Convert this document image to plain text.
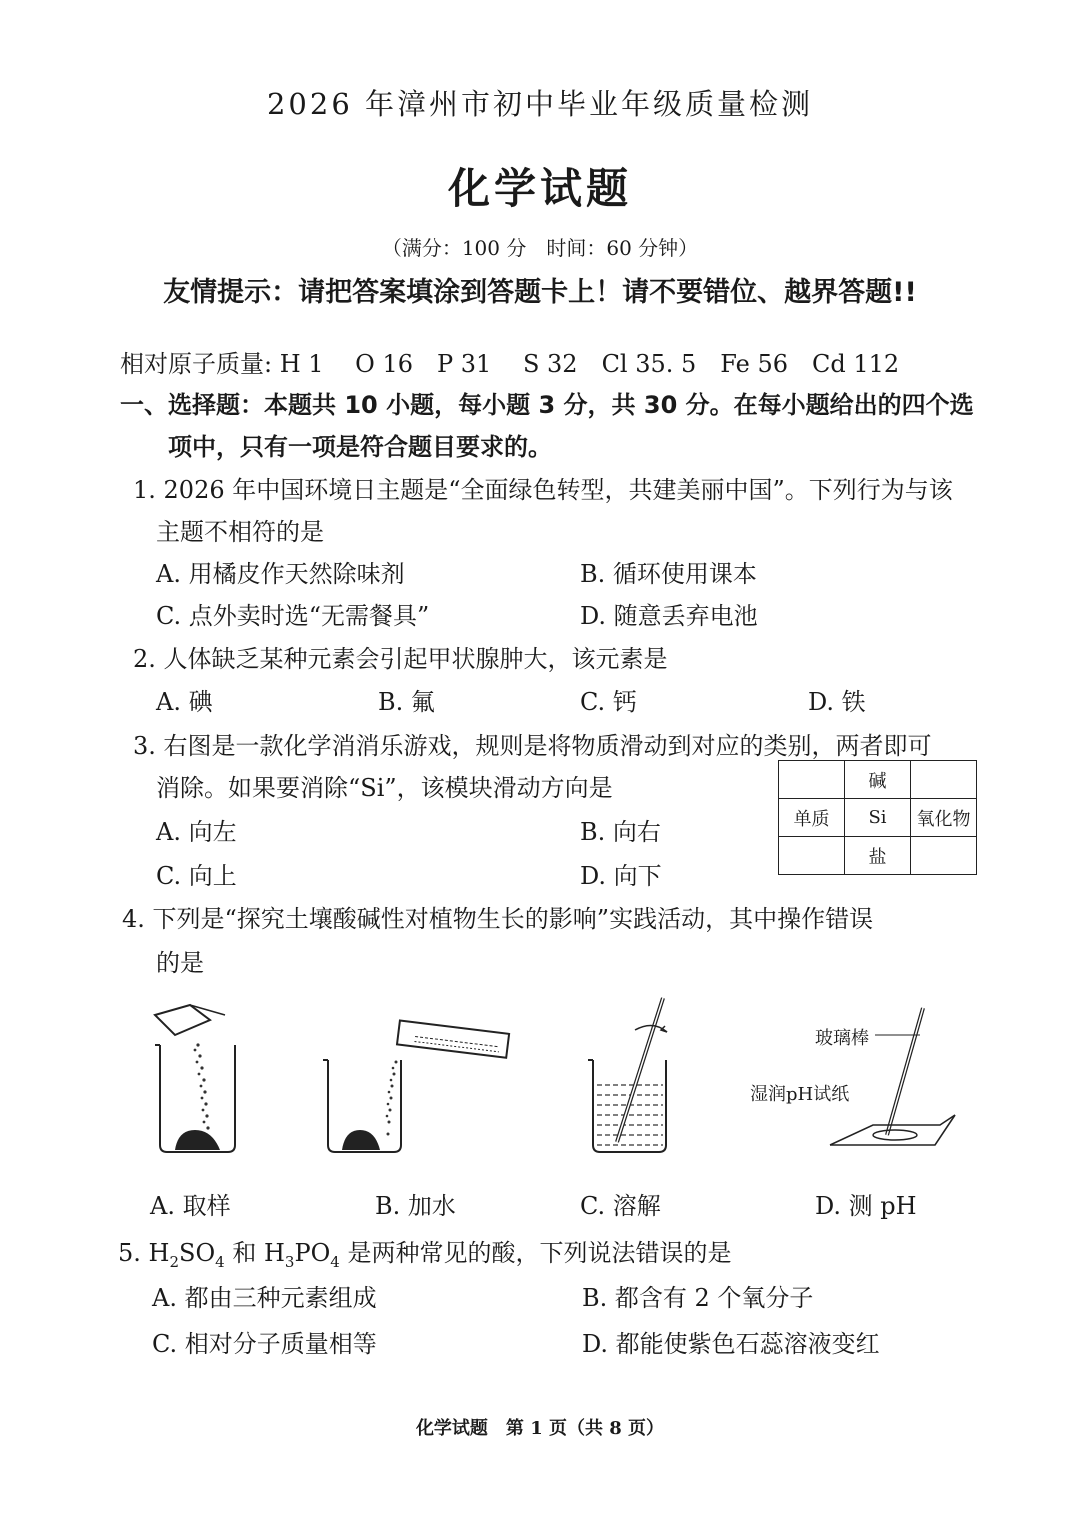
2026 年漳州市初中毕业年级质量检测
化学试题
（满分：100 分　时间：60 分钟）
友情提示：请把答案填涂到答题卡上！请不要错位、越界答题!!
相对原子质量: H 1　 O 16　P 31　 S 32　Cl 35. 5　Fe 56　Cd 112
一、选择题：本题共 10 小题，每小题 3 分，共 30 分。在每小题给出的四个选
项中，只有一项是符合题目要求的。
1. 2026 年中国环境日主题是“全面绿色转型，共建美丽中国”。下列行为与该
主题不相符的是
A. 用橘皮作天然除味剂	B. 循环使用课本
C. 点外卖时选“无需餐具”	D. 随意丢弃电池
2. 人体缺乏某种元素会引起甲状腺肿大，该元素是
A. 碘	B. 氟	C. 钙	D. 铁
3. 右图是一款化学消消乐游戏，规则是将物质滑动到对应的类别，两者即可
消除。如果要消除“Si”，该模块滑动方向是
A. 向左	B. 向右
C. 向上	D. 向下
	碱	
单质	Si	氧化物
	盐	
4. 下列是“探究土壤酸碱性对植物生长的影响”实践活动，其中操作错误
的是
玻璃棒
湿润pH试纸
A. 取样	B. 加水	C. 溶解	D. 测 pH
5. $H_2SO_4$ 和 $H_3PO_4$ 是两种常见的酸，下列说法错误的是
A. 都由三种元素组成	B. 都含有 2 个氧分子
C. 相对分子质量相等	D. 都能使紫色石蕊溶液变红
化学试题　第 1 页（共 8 页）
